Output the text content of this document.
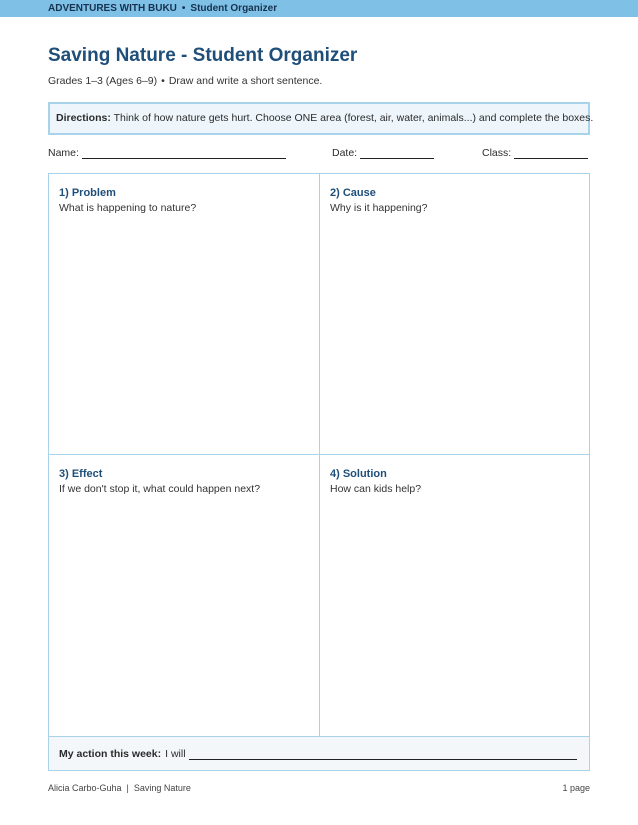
ADVENTURES WITH BUKU • Student Organizer
Saving Nature - Student Organizer
Grades 1–3 (Ages 6–9) • Draw and write a short sentence.
Directions: Think of how nature gets hurt. Choose ONE area (forest, air, water, animals...) and complete the boxes.
Name:	Date:	Class:
1) Problem
What is happening to nature?
2) Cause
Why is it happening?
3) Effect
If we don't stop it, what could happen next?
4) Solution
How can kids help?
My action this week: I will
Alicia Carbo-Guha | Saving Nature	1 page
